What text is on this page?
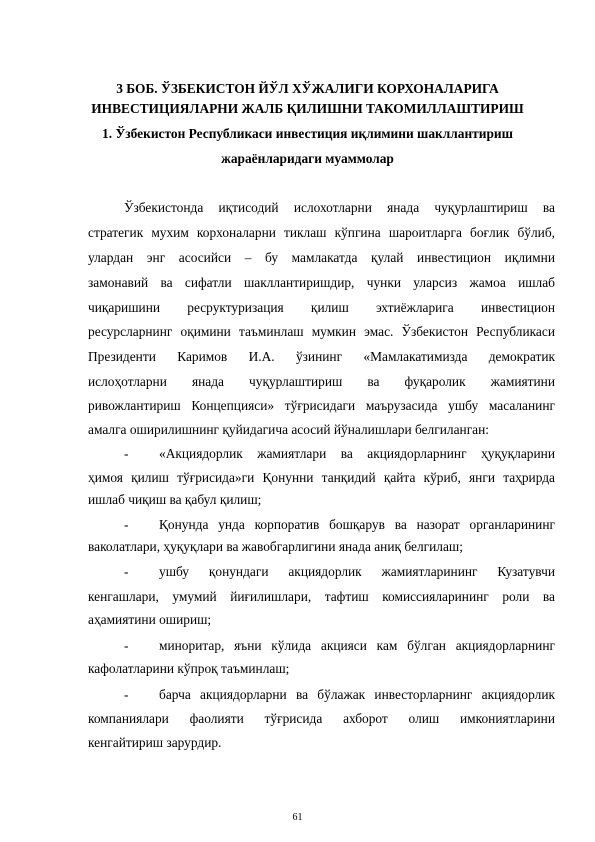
3 БОБ. ЎЗБЕКИСТОН ЙЎЛ ХЎЖАЛИГИ КОРХОНАЛАРИГА
ИНВЕСТИЦИЯЛАРНИ ЖАЛБ ҚИЛИШНИ ТАКОМИЛЛАШТИРИШ
1. Ўзбекистон Республикаси инвестиция иқлимини шакллантириш
жараёнларидаги муаммолар
Ўзбекистонда иқтисодий ислохотларни янада чуқурлаштириш ва
стратегик мухим корхоналарни тиклаш кўпгина шароитларга боғлик бўлиб,
улардан энг асосийси – бу мамлакатда қулай инвестицион иқлимни
замонавий ва сифатли шакллантиришдир, чунки уларсиз жамоа ишлаб
чиқаришини ресруктуризация қилиш эхтиёжларига инвестицион
ресурсларнинг оқимини таъминлаш мумкин эмас. Ўзбекистон Республикаси
Президенти Каримов И.А. ўзининг «Мамлакатимизда демократик
ислоҳотларни янада чуқурлаштириш ва фуқаролик жамиятини
ривожлантириш Концепцияси» тўғрисидаги маърузасида ушбу масаланинг
амалга оширилишнинг қуйидагича асосий йўналишлари белгиланган:
- «Акциядорлик жамиятлари ва акциядорларнинг ҳуқуқларини
ҳимоя қилиш тўғрисида»ги Қонунни танқидий қайта кўриб, янги таҳрирда
ишлаб чиқиш ва қабул қилиш;
- Қонунда унда корпоратив бошқарув ва назорат органларининг
ваколатлари, ҳуқуқлари ва жавобгарлигини янада аниқ белгилаш;
- ушбу қонундаги акциядорлик жамиятларининг Кузатувчи
кенгашлари, умумий йиғилишлари, тафтиш комиссияларининг роли ва
аҳамиятини ошириш;
- миноритар, яъни кўлида акцияси кам бўлган акциядорларнинг
кафолатларини кўпроқ таъминлаш;
- барча акциядорларни ва бўлажак инвесторларнинг акциядорлик
компаниялари фаолияти тўғрисида ахборот олиш имкониятларини
кенгайтириш зарурдир.
61
